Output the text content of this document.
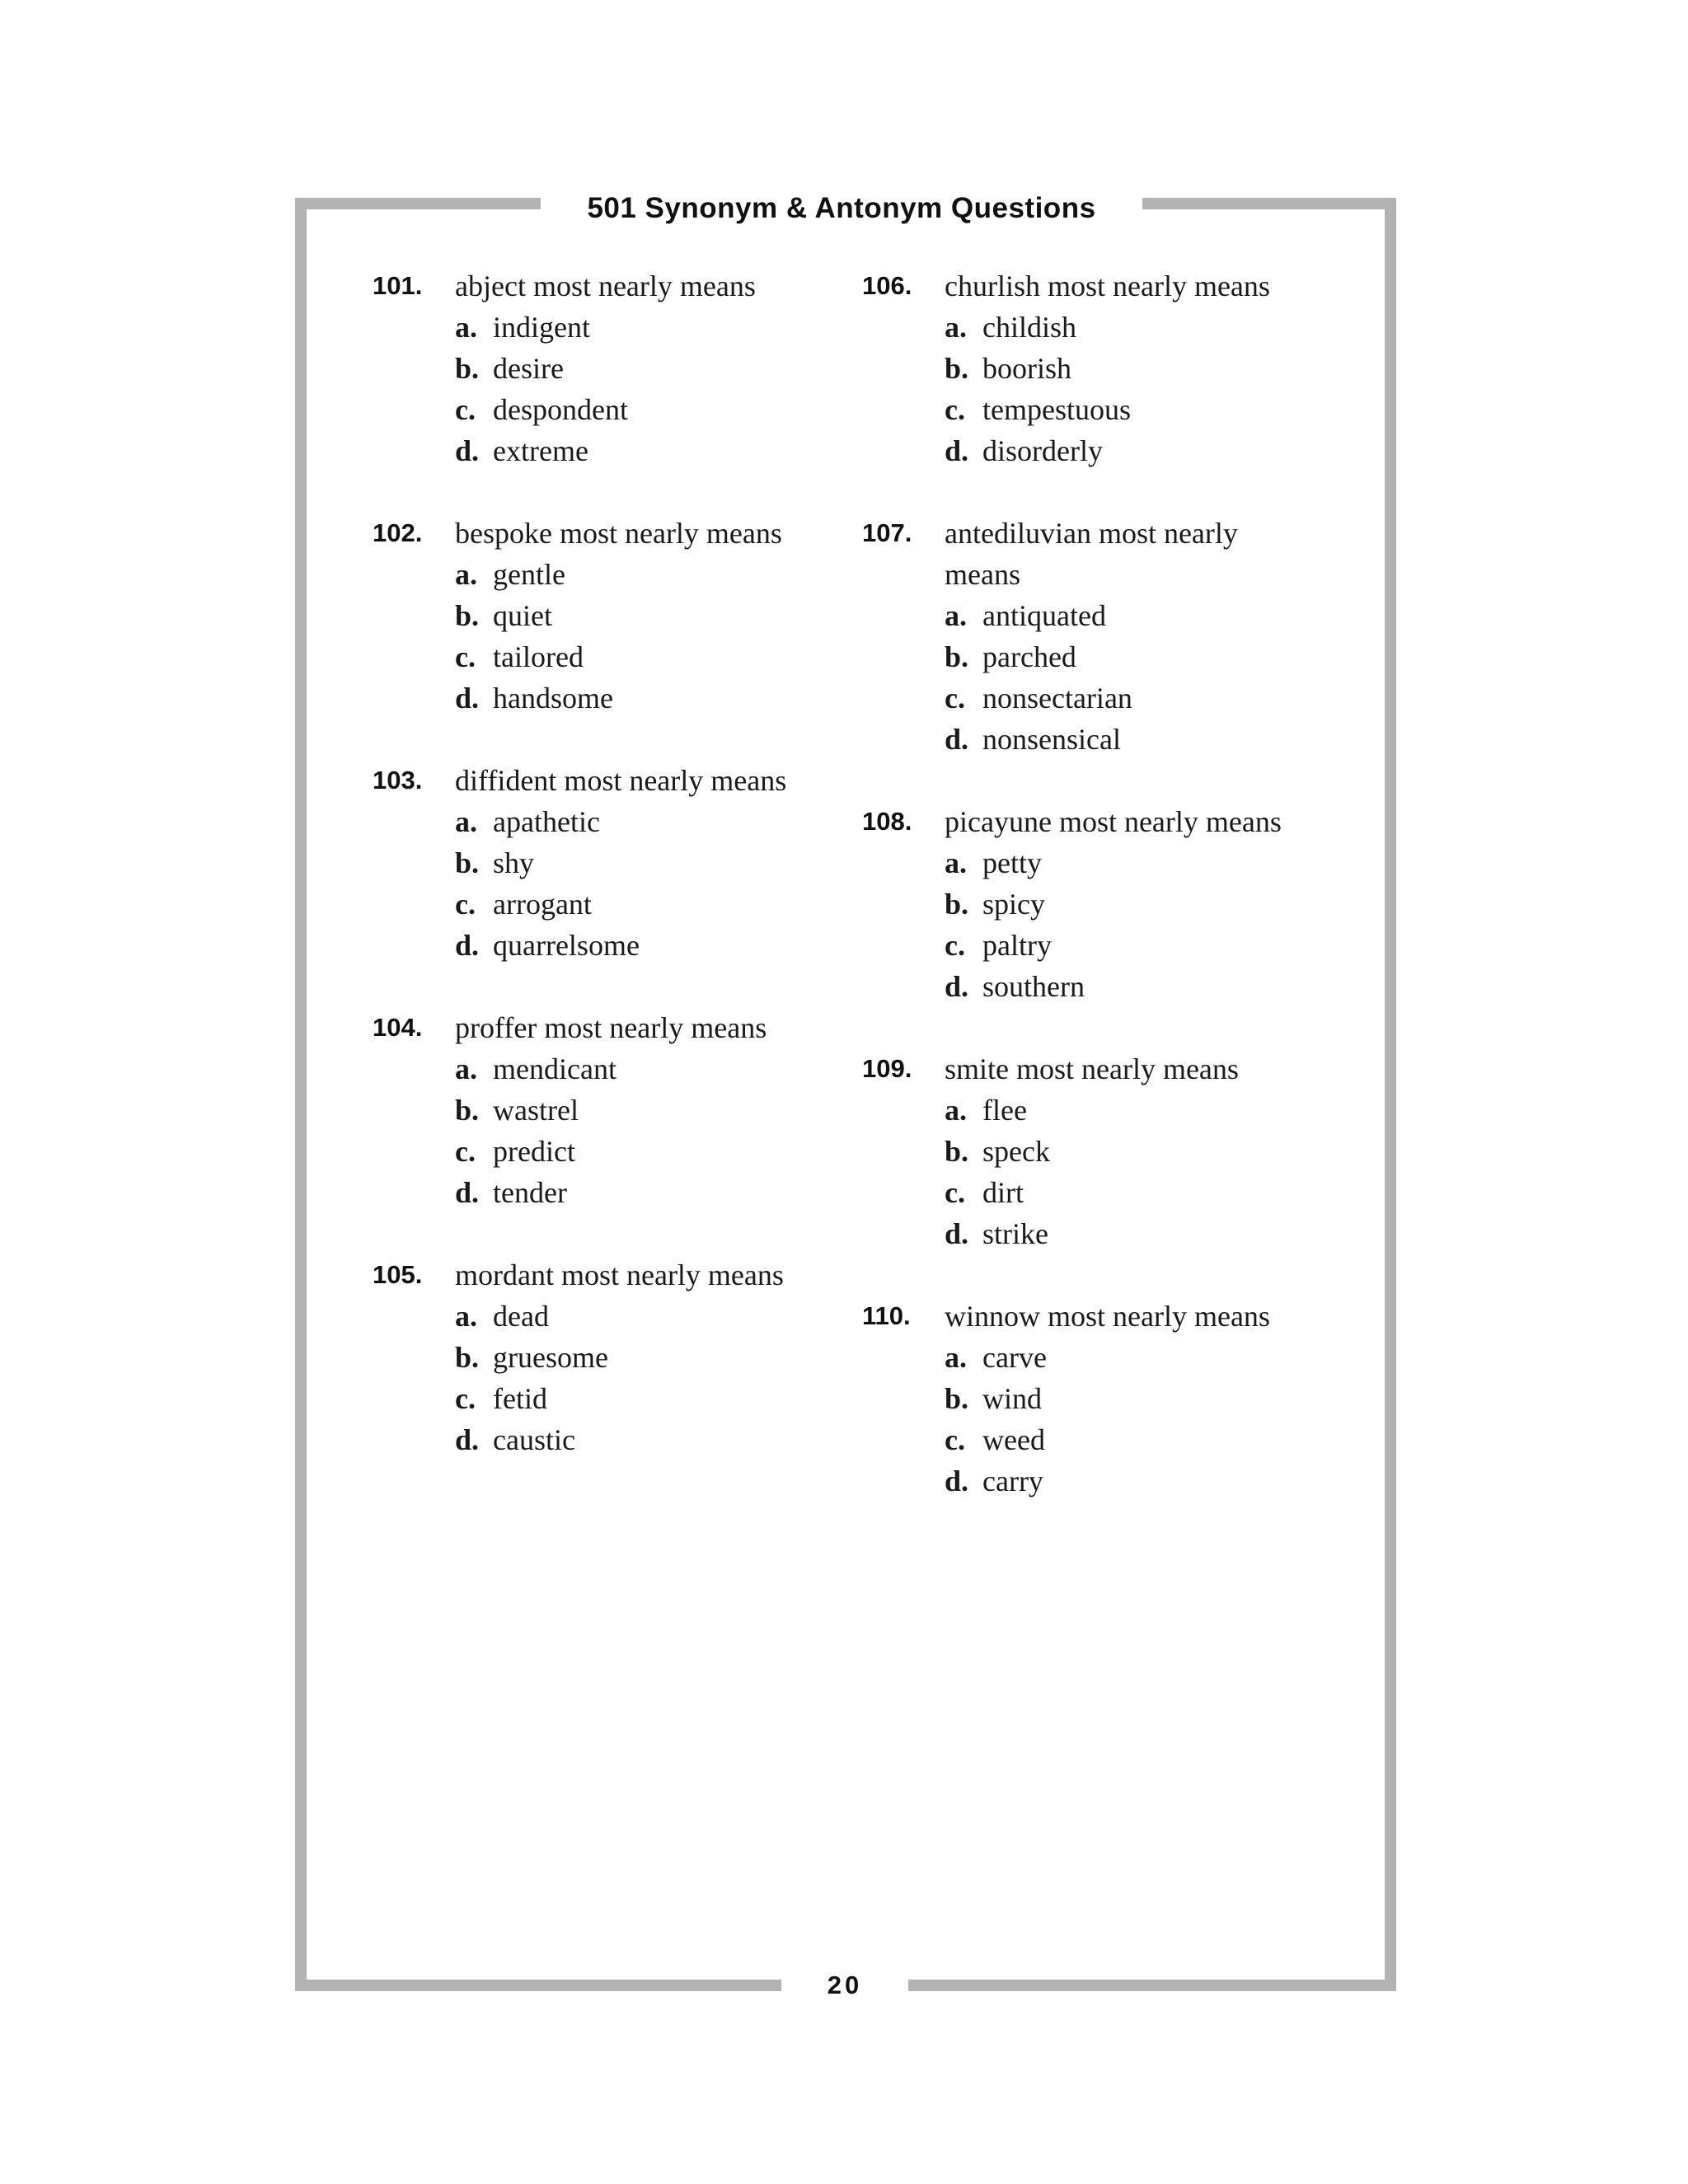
501 Synonym & Antonym Questions
101.	abject most nearly means
a. indigent
b. desire
c. despondent
d. extreme
102.	bespoke most nearly means
a. gentle
b. quiet
c. tailored
d. handsome
103.	diffident most nearly means
a. apathetic
b. shy
c. arrogant
d. quarrelsome
104.	proffer most nearly means
a. mendicant
b. wastrel
c. predict
d. tender
105.	mordant most nearly means
a. dead
b. gruesome
c. fetid
d. caustic
106.	churlish most nearly means
a. childish
b. boorish
c. tempestuous
d. disorderly
107.	antediluvian most nearly means
a. antiquated
b. parched
c. nonsectarian
d. nonsensical
108.	picayune most nearly means
a. petty
b. spicy
c. paltry
d. southern
109.	smite most nearly means
a. flee
b. speck
c. dirt
d. strike
110.	winnow most nearly means
a. carve
b. wind
c. weed
d. carry
20
